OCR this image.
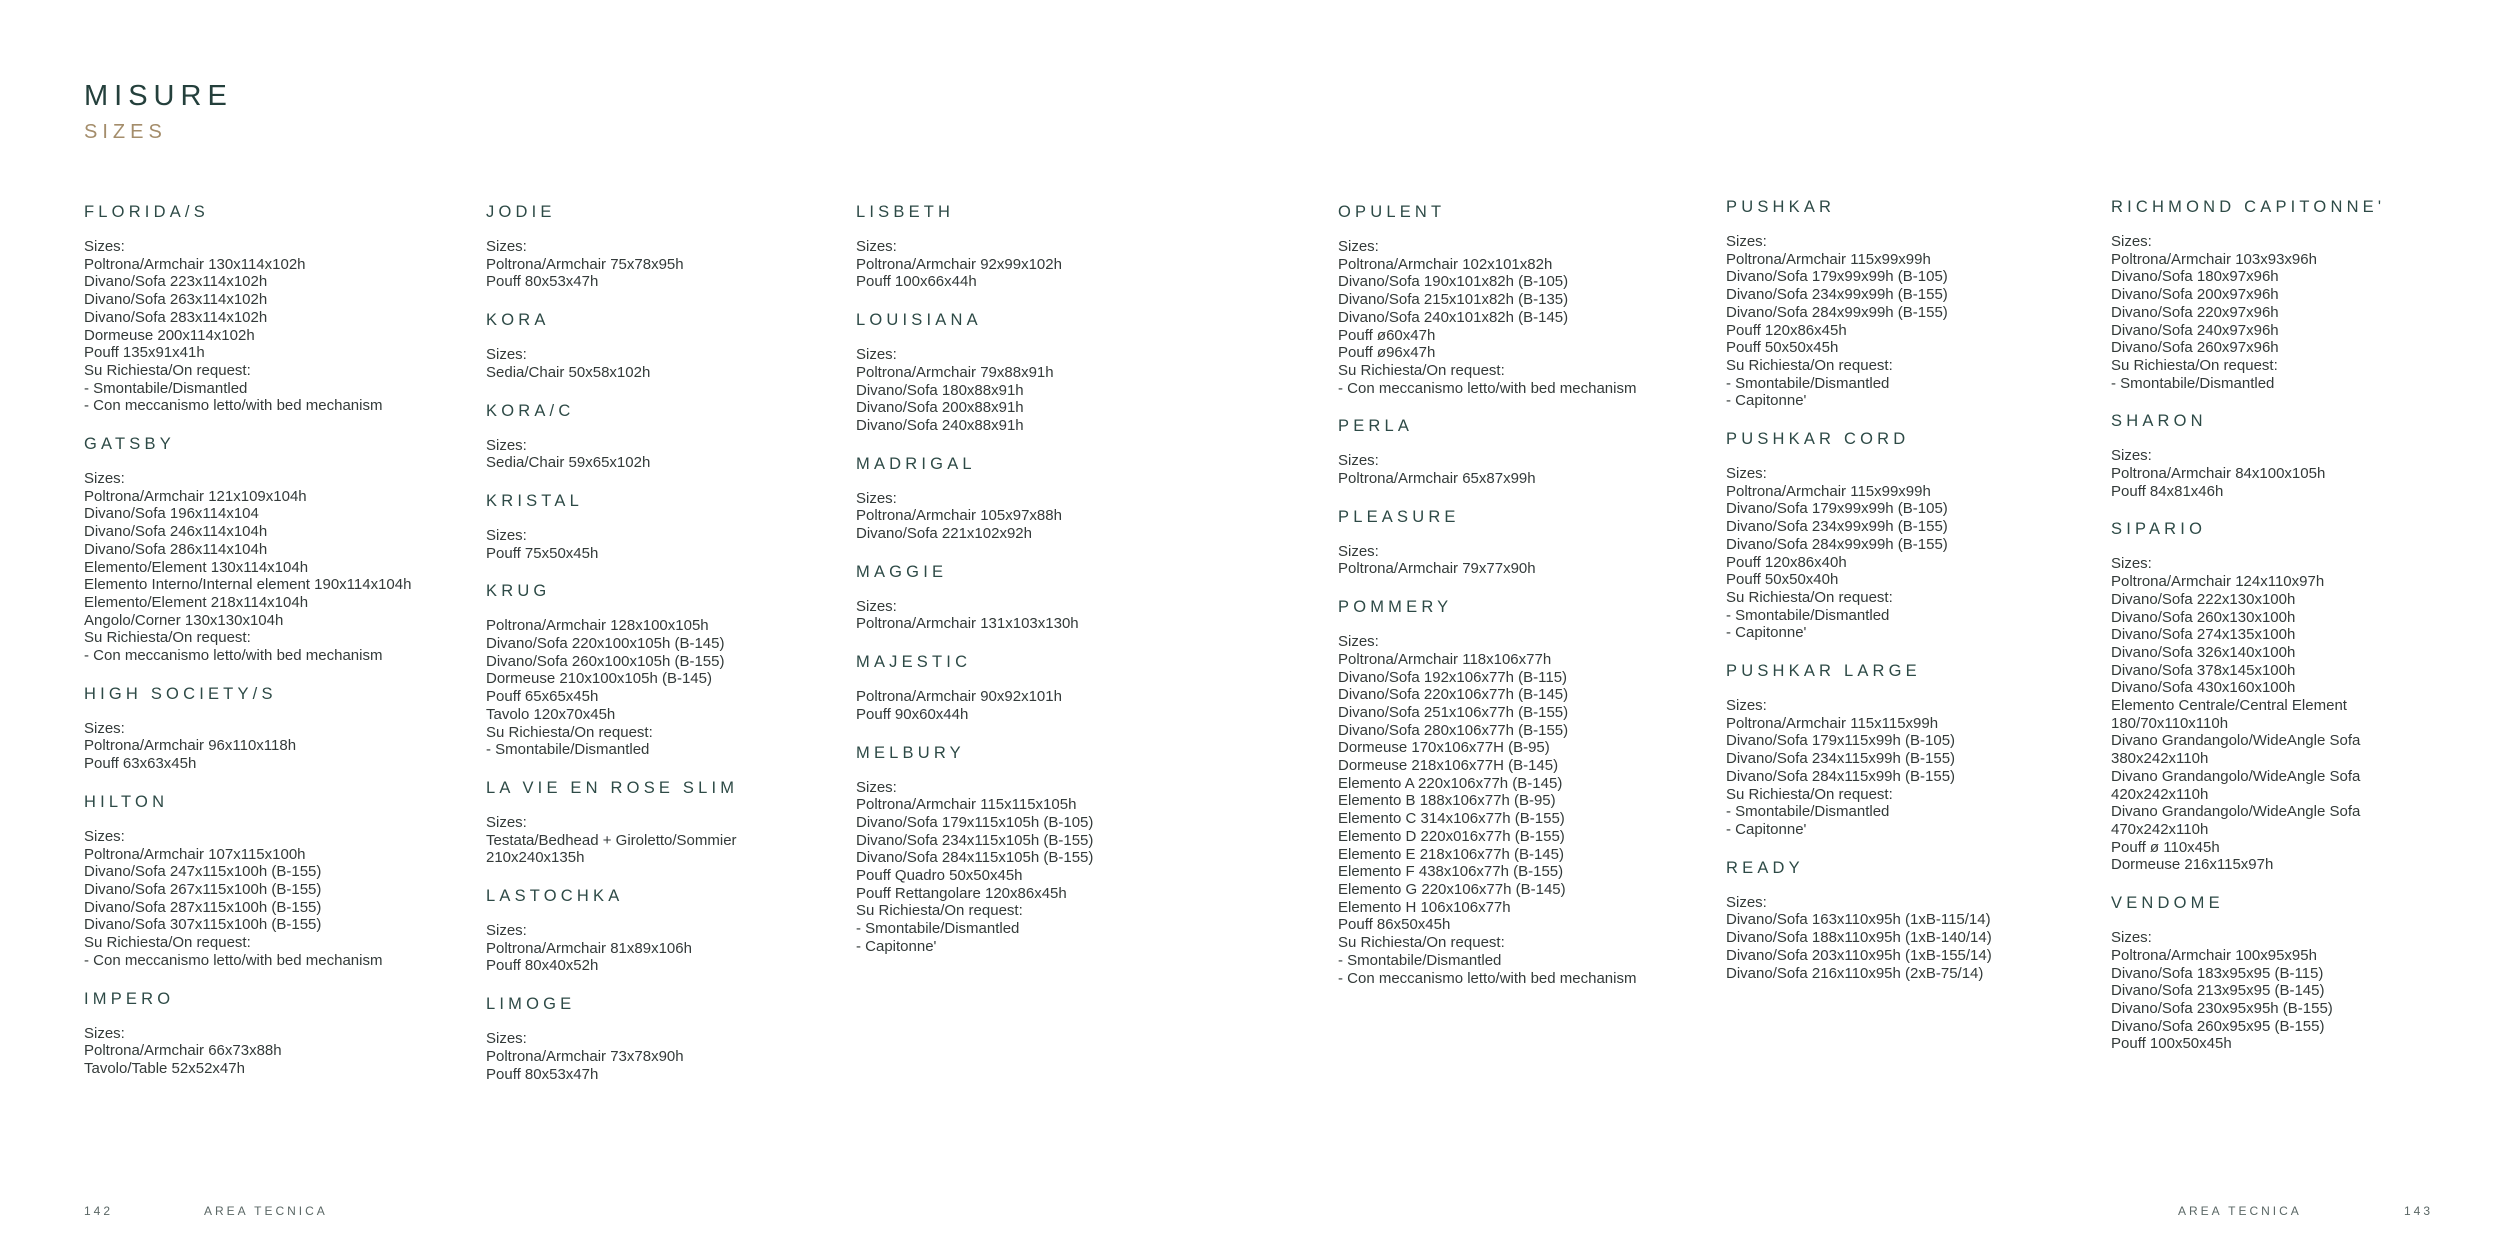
MISURE
SIZES
FLORIDA/S
Sizes:
Poltrona/Armchair 130x114x102h
Divano/Sofa 223x114x102h
Divano/Sofa 263x114x102h
Divano/Sofa 283x114x102h
Dormeuse 200x114x102h
Pouff 135x91x41h
Su Richiesta/On request:
- Smontabile/Dismantled
- Con meccanismo letto/with bed mechanism
GATSBY
Sizes:
Poltrona/Armchair 121x109x104h
Divano/Sofa 196x114x104
Divano/Sofa 246x114x104h
Divano/Sofa 286x114x104h
Elemento/Element 130x114x104h
Elemento Interno/Internal element 190x114x104h
Elemento/Element 218x114x104h
Angolo/Corner 130x130x104h
Su Richiesta/On request:
- Con meccanismo letto/with bed mechanism
HIGH SOCIETY/S
Sizes:
Poltrona/Armchair 96x110x118h
Pouff 63x63x45h
HILTON
Sizes:
Poltrona/Armchair 107x115x100h
Divano/Sofa 247x115x100h (B-155)
Divano/Sofa 267x115x100h (B-155)
Divano/Sofa 287x115x100h (B-155)
Divano/Sofa 307x115x100h (B-155)
Su Richiesta/On request:
- Con meccanismo letto/with bed mechanism
IMPERO
Sizes:
Poltrona/Armchair 66x73x88h
Tavolo/Table 52x52x47h
JODIE
Sizes:
Poltrona/Armchair 75x78x95h
Pouff 80x53x47h
KORA
Sizes:
Sedia/Chair 50x58x102h
KORA/C
Sizes:
Sedia/Chair 59x65x102h
KRISTAL
Sizes:
Pouff 75x50x45h
KRUG
Poltrona/Armchair 128x100x105h
Divano/Sofa 220x100x105h (B-145)
Divano/Sofa 260x100x105h (B-155)
Dormeuse 210x100x105h (B-145)
Pouff 65x65x45h
Tavolo 120x70x45h
Su Richiesta/On request:
- Smontabile/Dismantled
LA VIE EN ROSE SLIM
Sizes:
Testata/Bedhead + Giroletto/Sommier
210x240x135h
LASTOCHKA
Sizes:
Poltrona/Armchair 81x89x106h
Pouff 80x40x52h
LIMOGE
Sizes:
Poltrona/Armchair 73x78x90h
Pouff 80x53x47h
LISBETH
Sizes:
Poltrona/Armchair 92x99x102h
Pouff 100x66x44h
LOUISIANA
Sizes:
Poltrona/Armchair 79x88x91h
Divano/Sofa 180x88x91h
Divano/Sofa 200x88x91h
Divano/Sofa 240x88x91h
MADRIGAL
Sizes:
Poltrona/Armchair 105x97x88h
Divano/Sofa 221x102x92h
MAGGIE
Sizes:
Poltrona/Armchair 131x103x130h
MAJESTIC
Poltrona/Armchair 90x92x101h
Pouff 90x60x44h
MELBURY
Sizes:
Poltrona/Armchair 115x115x105h
Divano/Sofa 179x115x105h (B-105)
Divano/Sofa 234x115x105h (B-155)
Divano/Sofa 284x115x105h (B-155)
Pouff Quadro 50x50x45h
Pouff Rettangolare 120x86x45h
Su Richiesta/On request:
- Smontabile/Dismantled
- Capitonne'
OPULENT
Sizes:
Poltrona/Armchair 102x101x82h
Divano/Sofa 190x101x82h (B-105)
Divano/Sofa 215x101x82h (B-135)
Divano/Sofa 240x101x82h (B-145)
Pouff ø60x47h
Pouff ø96x47h
Su Richiesta/On request:
- Con meccanismo letto/with bed mechanism
PERLA
Sizes:
Poltrona/Armchair 65x87x99h
PLEASURE
Sizes:
Poltrona/Armchair 79x77x90h
POMMERY
Sizes:
Poltrona/Armchair 118x106x77h
Divano/Sofa 192x106x77h (B-115)
Divano/Sofa 220x106x77h (B-145)
Divano/Sofa 251x106x77h (B-155)
Divano/Sofa 280x106x77h (B-155)
Dormeuse 170x106x77H (B-95)
Dormeuse 218x106x77H (B-145)
Elemento A 220x106x77h (B-145)
Elemento B 188x106x77h (B-95)
Elemento C 314x106x77h (B-155)
Elemento D 220x016x77h (B-155)
Elemento E 218x106x77h (B-145)
Elemento F 438x106x77h (B-155)
Elemento G 220x106x77h (B-145)
Elemento H 106x106x77h
Pouff 86x50x45h
Su Richiesta/On request:
- Smontabile/Dismantled
- Con meccanismo letto/with bed mechanism
PUSHKAR
Sizes:
Poltrona/Armchair 115x99x99h
Divano/Sofa 179x99x99h (B-105)
Divano/Sofa 234x99x99h (B-155)
Divano/Sofa 284x99x99h (B-155)
Pouff 120x86x45h
Pouff 50x50x45h
Su Richiesta/On request:
- Smontabile/Dismantled
- Capitonne'
PUSHKAR CORD
Sizes:
Poltrona/Armchair 115x99x99h
Divano/Sofa 179x99x99h (B-105)
Divano/Sofa 234x99x99h (B-155)
Divano/Sofa 284x99x99h (B-155)
Pouff 120x86x40h
Pouff 50x50x40h
Su Richiesta/On request:
- Smontabile/Dismantled
- Capitonne'
PUSHKAR LARGE
Sizes:
Poltrona/Armchair 115x115x99h
Divano/Sofa 179x115x99h (B-105)
Divano/Sofa 234x115x99h (B-155)
Divano/Sofa 284x115x99h (B-155)
Su Richiesta/On request:
- Smontabile/Dismantled
- Capitonne'
READY
Sizes:
Divano/Sofa 163x110x95h (1xB-115/14)
Divano/Sofa 188x110x95h (1xB-140/14)
Divano/Sofa 203x110x95h (1xB-155/14)
Divano/Sofa 216x110x95h (2xB-75/14)
RICHMOND CAPITONNE'
Sizes:
Poltrona/Armchair 103x93x96h
Divano/Sofa 180x97x96h
Divano/Sofa 200x97x96h
Divano/Sofa 220x97x96h
Divano/Sofa 240x97x96h
Divano/Sofa 260x97x96h
Su Richiesta/On request:
- Smontabile/Dismantled
SHARON
Sizes:
Poltrona/Armchair 84x100x105h
Pouff 84x81x46h
SIPARIO
Sizes:
Poltrona/Armchair 124x110x97h
Divano/Sofa 222x130x100h
Divano/Sofa 260x130x100h
Divano/Sofa 274x135x100h
Divano/Sofa 326x140x100h
Divano/Sofa 378x145x100h
Divano/Sofa 430x160x100h
Elemento Centrale/Central Element
180/70x110x110h
Divano Grandangolo/WideAngle Sofa
380x242x110h
Divano Grandangolo/WideAngle Sofa
420x242x110h
Divano Grandangolo/WideAngle Sofa
470x242x110h
Pouff ø 110x45h
Dormeuse 216x115x97h
VENDOME
Sizes:
Poltrona/Armchair 100x95x95h
Divano/Sofa 183x95x95 (B-115)
Divano/Sofa 213x95x95 (B-145)
Divano/Sofa 230x95x95h (B-155)
Divano/Sofa 260x95x95 (B-155)
Pouff 100x50x45h

142	AREA TECNICA	AREA TECNICA	143
